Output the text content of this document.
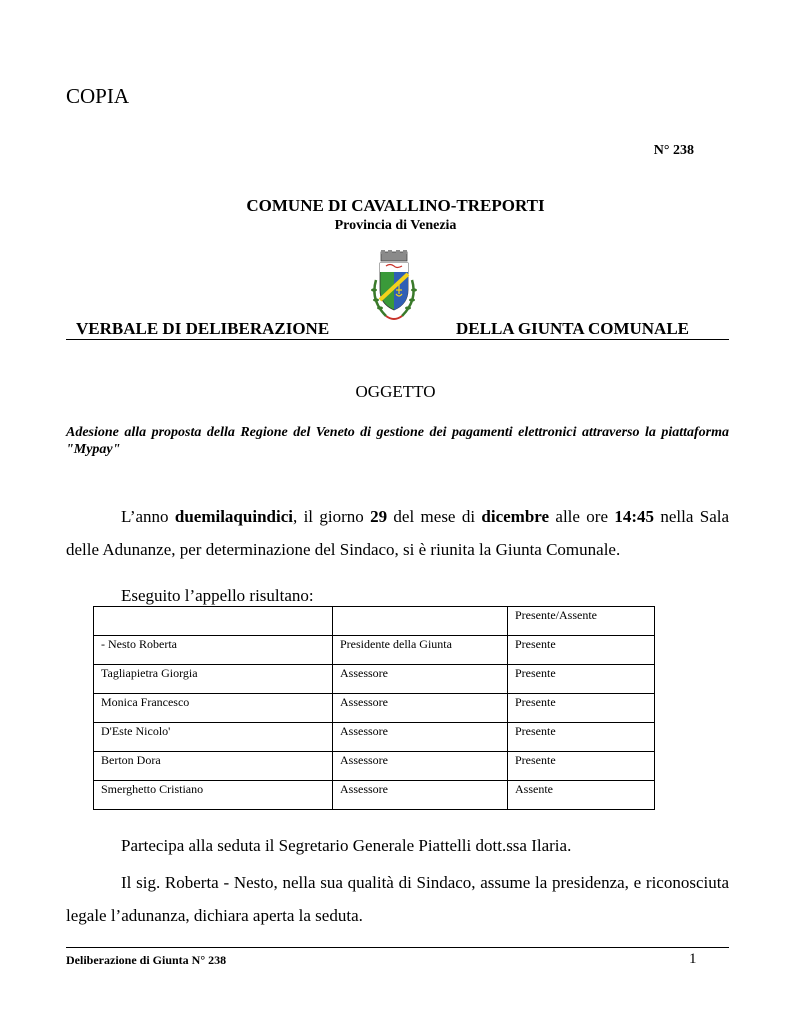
COPIA
N° 238
COMUNE DI CAVALLINO-TREPORTI
Provincia di Venezia
VERBALE DI DELIBERAZIONE	DELLA GIUNTA COMUNALE
OGGETTO
Adesione alla proposta della Regione del Veneto di gestione dei pagamenti elettronici attraverso la piattaforma "Mypay"
L’anno duemilaquindici, il giorno 29 del mese di dicembre alle ore 14:45 nella Sala delle Adunanze, per determinazione del Sindaco, si è riunita la Giunta Comunale.
Eseguito l’appello risultano:
		Presente/Assente
- Nesto Roberta	Presidente della Giunta	Presente
Tagliapietra Giorgia	Assessore	Presente
Monica Francesco	Assessore	Presente
D'Este Nicolo'	Assessore	Presente
Berton Dora	Assessore	Presente
Smerghetto Cristiano	Assessore	Assente
Partecipa alla seduta il Segretario Generale Piattelli dott.ssa Ilaria.
Il sig. Roberta - Nesto, nella sua qualità di Sindaco, assume la presidenza, e riconosciuta legale l’adunanza, dichiara aperta la seduta.
Deliberazione di Giunta N° 238	1
